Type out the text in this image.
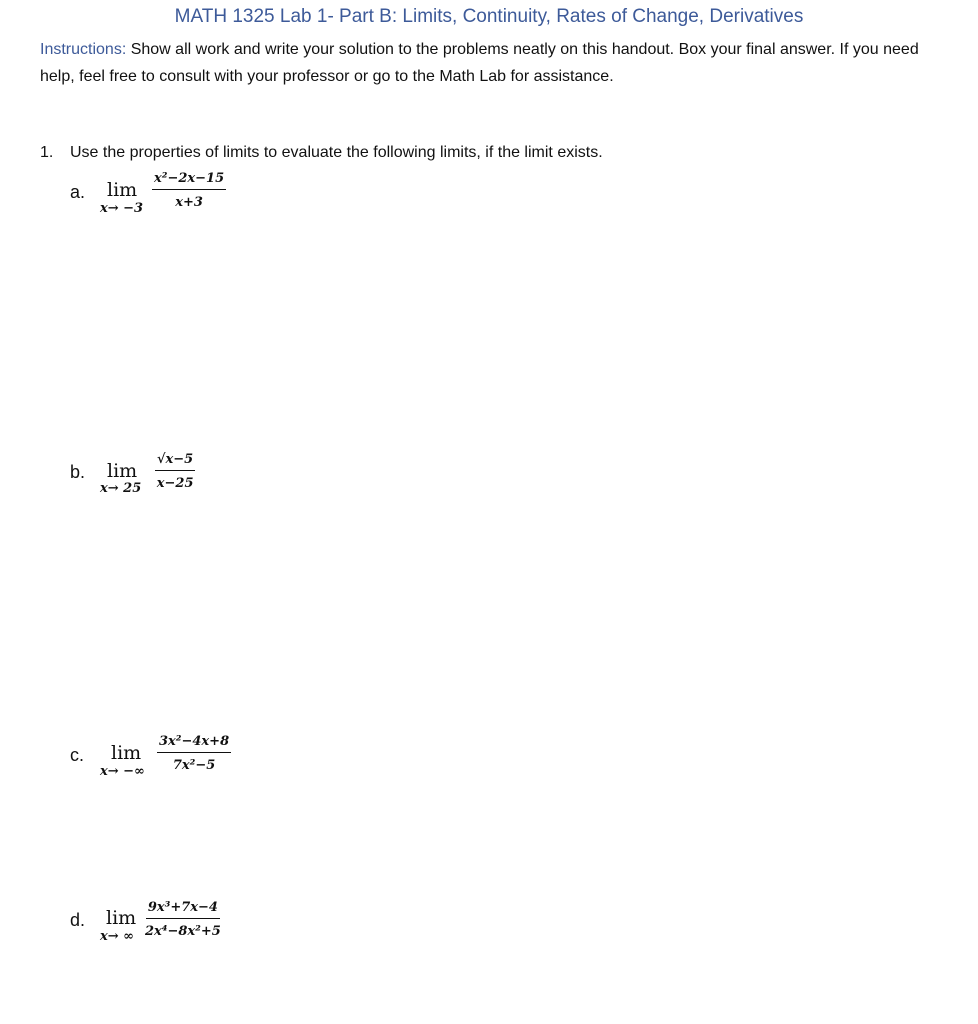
MATH 1325 Lab 1- Part B: Limits, Continuity, Rates of Change, Derivatives
Instructions: Show all work and write your solution to the problems neatly on this handout. Box your final answer. If you need help, feel free to consult with your professor or go to the Math Lab for assistance.
1. Use the properties of limits to evaluate the following limits, if the limit exists.
a. lim
$x\to -3 \frac{\text{x²−2x−15}}{x+3}$
b. lim
$x\to 25 \frac{√x-5}{x-25}$
c. lim
x→ −∞ $\frac{\text{3x²−4x+8}}{\text{7x²−5}}$
d. lim
x→ ∞ $\frac{\text{9x³+7x−4}}{\text{2x⁴−8x²+5}}$
